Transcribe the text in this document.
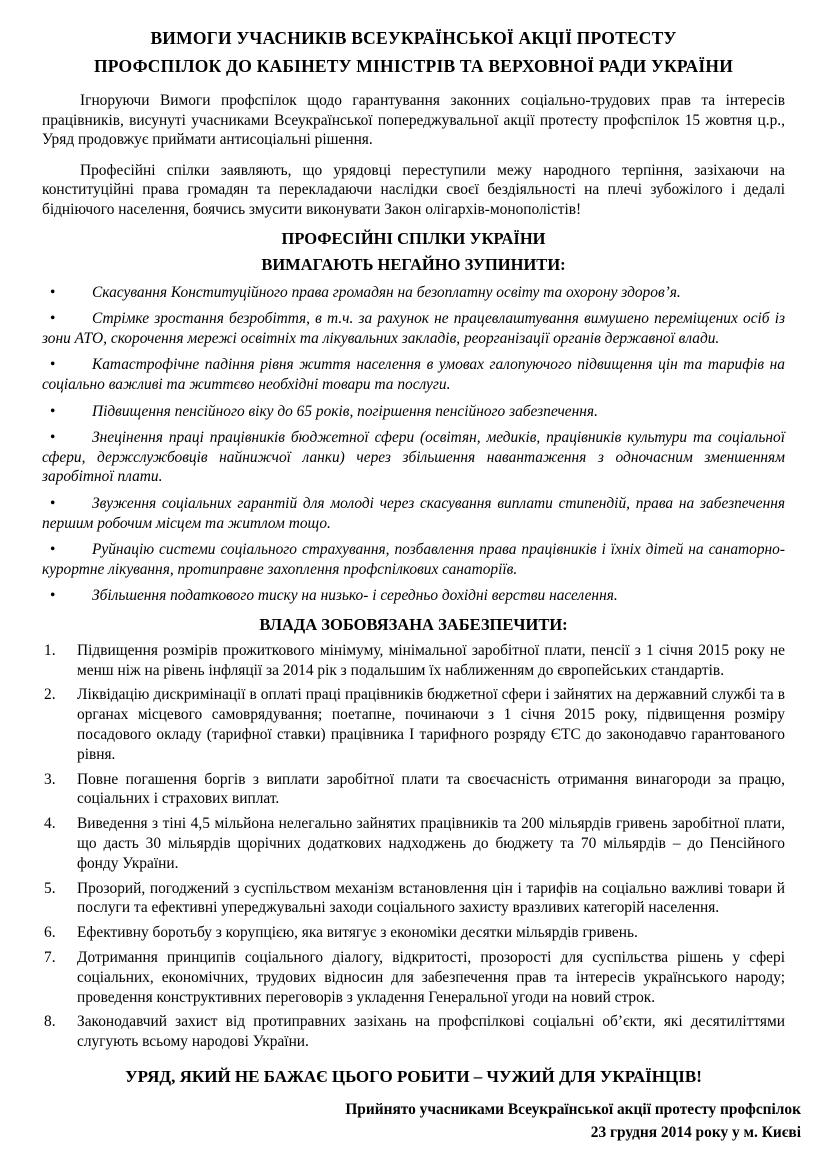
ВИМОГИ УЧАСНИКІВ ВСЕУКРАЇНСЬКОЇ АКЦІЇ ПРОТЕСТУ
ПРОФСПІЛОК ДО КАБІНЕТУ МІНІСТРІВ ТА ВЕРХОВНОЇ РАДИ УКРАЇНИ

Ігноруючи Вимоги профспілок щодо гарантування законних соціально-трудових прав та інтересів працівників, висунуті учасниками Всеукраїнської попереджувальної акції протесту профспілок 15 жовтня ц.р., Уряд продовжує приймати антисоціальні рішення.

Професійні спілки заявляють, що урядовці переступили межу народного терпіння, зазіхаючи на конституційні права громадян та перекладаючи наслідки своєї бездіяльності на плечі зубожілого і дедалі бідніючого населення, боячись змусити виконувати Закон олігархів-монополістів!

ПРОФЕСІЙНІ СПІЛКИ УКРАЇНИ
ВИМАГАЮТЬ НЕГАЙНО ЗУПИНИТИ:
• Скасування Конституційного права громадян на безоплатну освіту та охорону здоров’я.
• Стрімке зростання безробіття, в т.ч. за рахунок не працевлаштування вимушено переміщених осіб із зони АТО, скорочення мережі освітніх та лікувальних закладів, реорганізації органів державної влади.
• Катастрофічне падіння рівня життя населення в умовах галопуючого підвищення цін та тарифів на соціально важливі та життєво необхідні товари та послуги.
• Підвищення пенсійного віку до 65 років, погіршення пенсійного забезпечення.
• Знецінення праці працівників бюджетної сфери (освітян, медиків, працівників культури та соціальної сфери, держслужбовців найнижчої ланки) через збільшення навантаження з одночасним зменшенням заробітної плати.
• Звуження соціальних гарантій для молоді через скасування виплати стипендій, права на забезпечення першим робочим місцем та житлом тощо.
• Руйнацію системи соціального страхування, позбавлення права працівників і їхніх дітей на санаторно-курортне лікування, протиправне захоплення профспілкових санаторіїв.
• Збільшення податкового тиску на низько- і середньо дохідні верстви населення.
ВЛАДА ЗОБОВЯЗАНА ЗАБЕЗПЕЧИТИ:
1.	Підвищення розмірів прожиткового мінімуму, мінімальної заробітної плати, пенсії з 1 січня 2015 року не менш ніж на рівень інфляції за 2014 рік з подальшим їх наближенням до європейських стандартів.
2.	Ліквідацію дискримінації в оплаті праці працівників бюджетної сфери і зайнятих на державний службі та в органах місцевого самоврядування; поетапне, починаючи з 1 січня 2015 року, підвищення розміру посадового окладу (тарифної ставки) працівника І тарифного розряду ЄТС до законодавчо гарантованого рівня.
3.	Повне погашення боргів з виплати заробітної плати та своєчасність отримання винагороди за працю, соціальних і страхових виплат.
4.	Виведення з тіні 4,5 мільйона нелегально зайнятих працівників та 200 мільярдів гривень заробітної плати, що дасть 30 мільярдів щорічних додаткових надходжень до бюджету та 70 мільярдів – до Пенсійного фонду України.
5.	Прозорий, погоджений з суспільством механізм встановлення цін і тарифів на соціально важливі товари й послуги та ефективні упереджувальні заходи соціального захисту вразливих категорій населення.
6.	Ефективну боротьбу з корупцією, яка витягує з економіки десятки мільярдів гривень.
7.	Дотримання принципів соціального діалогу, відкритості, прозорості для суспільства рішень у сфері соціальних, економічних, трудових відносин для забезпечення прав та інтересів українського народу; проведення конструктивних переговорів з укладення Генеральної угоди на новий строк.
8.	Законодавчий захист від протиправних зазіхань на профспілкові соціальні об’єкти, які десятиліттями слугують всьому народові України.

УРЯД, ЯКИЙ НЕ БАЖАЄ ЦЬОГО РОБИТИ – ЧУЖИЙ ДЛЯ УКРАЇНЦІВ!

Прийнято учасниками Всеукраїнської акції протесту профспілок
23 грудня 2014 року у м. Києві
